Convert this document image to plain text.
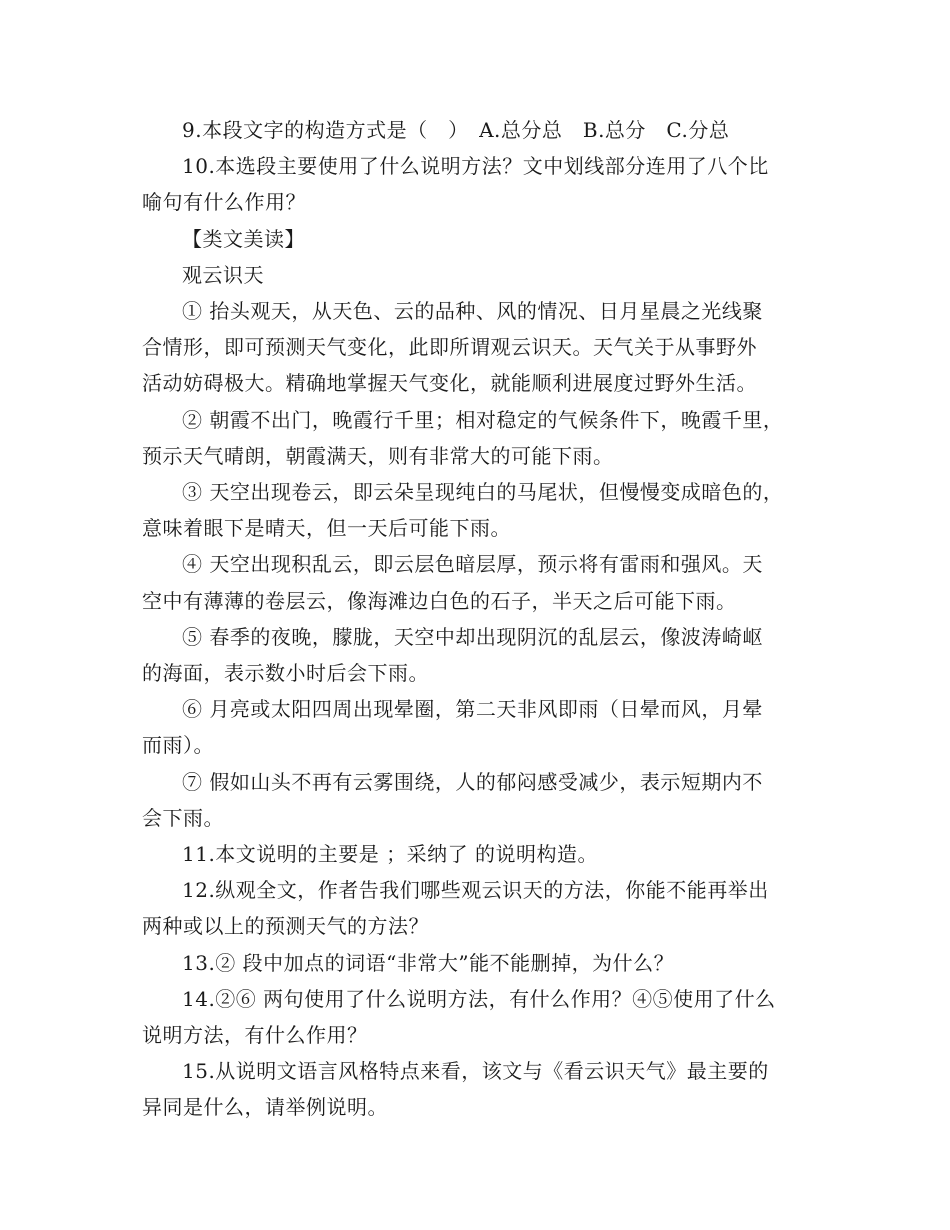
9.本段文字的构造方式是（　）　A.总分总　B.总分　C.分总
10.本选段主要使用了什么说明方法？文中划线部分连用了八个比
喻句有什么作用？
【类文美读】
观云识天
① 抬头观天，从天色、云的品种、风的情况、日月星晨之光线聚
合情形，即可预测天气变化，此即所谓观云识天。天气关于从事野外
活动妨碍极大。精确地掌握天气变化，就能顺利进展度过野外生活。
② 朝霞不出门，晚霞行千里；相对稳定的气候条件下，晚霞千里，
预示天气晴朗，朝霞满天，则有非常大的可能下雨。
③ 天空出现卷云，即云朵呈现纯白的马尾状，但慢慢变成暗色的，
意味着眼下是晴天，但一天后可能下雨。
④ 天空出现积乱云，即云层色暗层厚，预示将有雷雨和强风。天
空中有薄薄的卷层云，像海滩边白色的石子，半天之后可能下雨。
⑤ 春季的夜晚，朦胧，天空中却出现阴沉的乱层云，像波涛崎岖
的海面，表示数小时后会下雨。
⑥ 月亮或太阳四周出现晕圈，第二天非风即雨（日晕而风，月晕
而雨）。
⑦ 假如山头不再有云雾围绕，人的郁闷感受减少，表示短期内不
会下雨。
11.本文说明的主要是 ；采纳了 的说明构造。
12.纵观全文，作者告我们哪些观云识天的方法，你能不能再举出
两种或以上的预测天气的方法？
13.② 段中加点的词语“非常大”能不能删掉，为什么？
14.②⑥ 两句使用了什么说明方法，有什么作用？④⑤使用了什么
说明方法，有什么作用？
15.从说明文语言风格特点来看，该文与《看云识天气》最主要的
异同是什么，请举例说明。
